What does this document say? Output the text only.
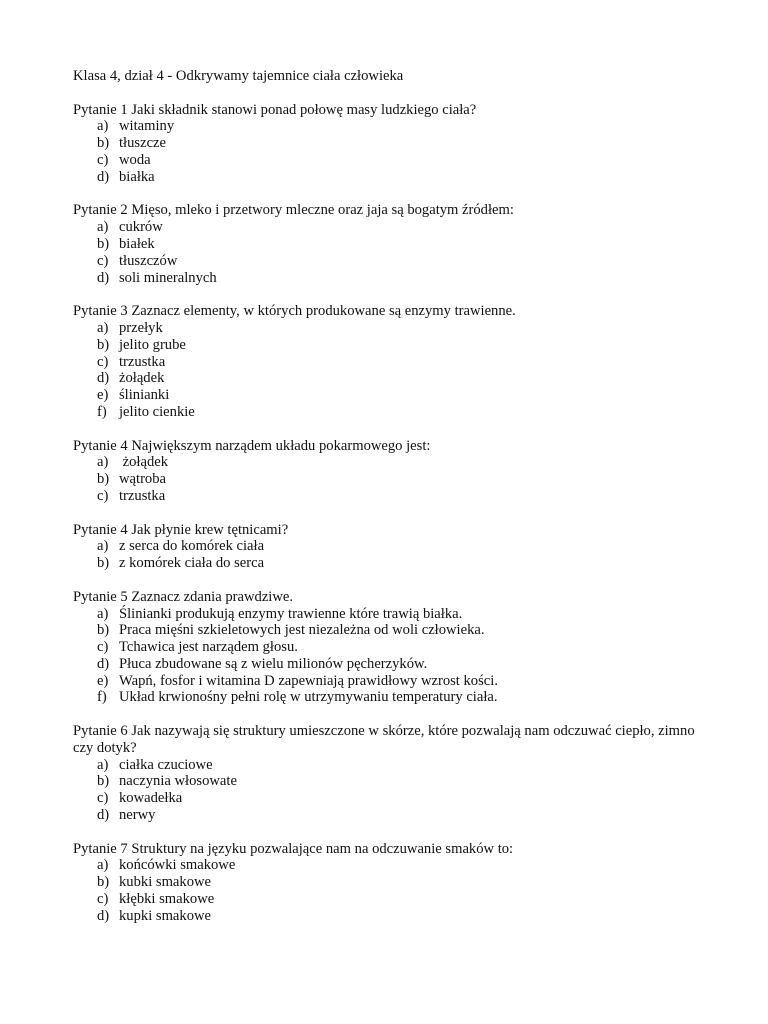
Klasa 4, dział 4 - Odkrywamy tajemnice ciała człowieka
Pytanie 1 Jaki składnik stanowi ponad połowę masy ludzkiego ciała?
a) witaminy
b) tłuszcze
c) woda
d) białka
Pytanie 2 Mięso, mleko i przetwory mleczne oraz jaja są bogatym źródłem:
a) cukrów
b) białek
c) tłuszczów
d) soli mineralnych
Pytanie 3 Zaznacz elementy, w których produkowane są enzymy trawienne.
a) przełyk
b) jelito grube
c) trzustka
d) żołądek
e) ślinianki
f) jelito cienkie
Pytanie 4 Największym narządem układu pokarmowego jest:
a) żołądek
b) wątroba
c) trzustka
Pytanie 4 Jak płynie krew tętnicami?
a) z serca do komórek ciała
b) z komórek ciała do serca
Pytanie 5 Zaznacz zdania prawdziwe.
a) Ślinianki produkują enzymy trawienne które trawią białka.
b) Praca mięśni szkieletowych jest niezależna od woli człowieka.
c) Tchawica jest narządem głosu.
d) Płuca zbudowane są z wielu milionów pęcherzyków.
e) Wapń, fosfor i witamina D zapewniają prawidłowy wzrost kości.
f) Układ krwionośny pełni rolę w utrzymywaniu temperatury ciała.
Pytanie 6 Jak nazywają się struktury umieszczone w skórze, które pozwalają nam odczuwać ciepło, zimno czy dotyk?
a) ciałka czuciowe
b) naczynia włosowate
c) kowadełka
d) nerwy
Pytanie 7 Struktury na języku pozwalające nam na odczuwanie smaków to:
a) końcówki smakowe
b) kubki smakowe
c) kłębki smakowe
d) kupki smakowe
